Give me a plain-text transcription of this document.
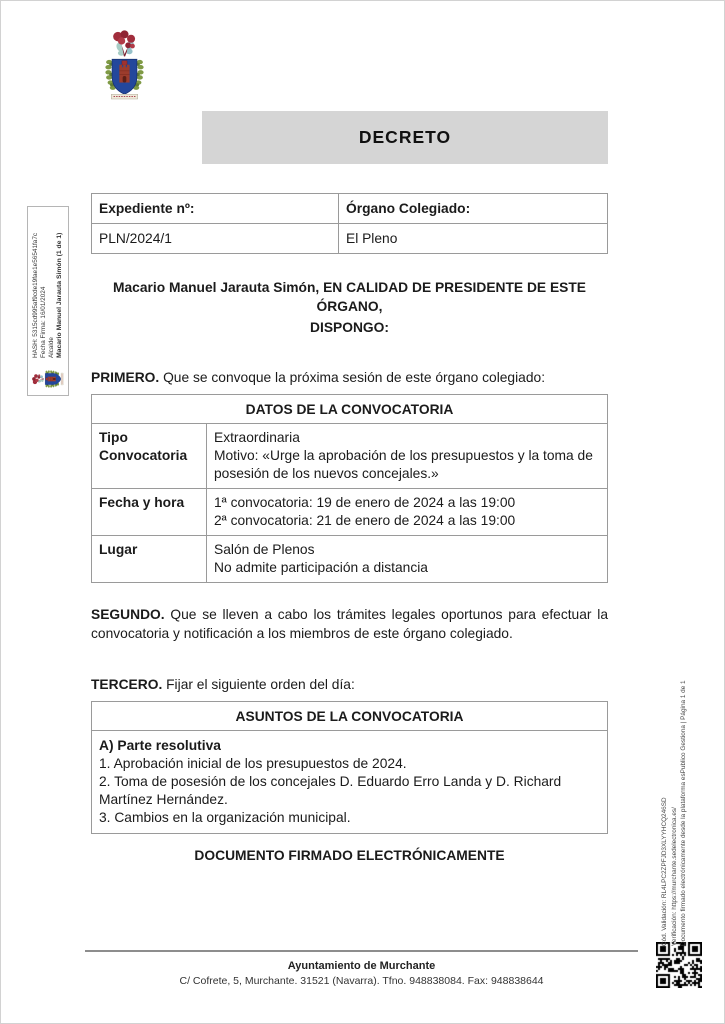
DECRETO
Expediente nº:	Órgano Colegiado:
PLN/2024/1	El Pleno
Macario Manuel Jarauta Simón, EN CALIDAD DE PRESIDENTE DE ESTE ÓRGANO,
DISPONGO:
PRIMERO. Que se convoque la próxima sesión de este órgano colegiado:
DATOS DE LA CONVOCATORIA	
Tipo Convocatoria	Extraordinaria
Motivo: «Urge la aprobación de los presupuestos y la toma de posesión de los nuevos concejales.»

Fecha y hora	1ª convocatoria: 19 de enero de 2024 a las 19:00
2ª convocatoria: 21 de enero de 2024 a las 19:00

Lugar	Salón de Plenos
No admite participación a distancia
SEGUNDO. Que se lleven a cabo los trámites legales oportunos para efectuar la convocatoria y notificación a los miembros de este órgano colegiado.
TERCERO. Fijar el siguiente orden del día:
ASUNTOS DE LA CONVOCATORIA

A) Parte resolutiva
1. Aprobación inicial de los presupuestos de 2024.
2. Toma de posesión de los concejales D. Eduardo Erro Landa y D. Richard Martínez Hernández.
3. Cambios en la organización municipal.
DOCUMENTO FIRMADO ELECTRÓNICAMENTE
Ayuntamiento de Murchante
C/ Cofrete, 5, Murchante. 31521 (Navarra). Tfno. 948838084. Fax: 948838644
HASH: 5315cd995af9cde19fae1e56541fa7c Fecha Firma: 16/01/2024 Alcalde Macario Manuel Jarauta Simón (1 de 1)
Cód. Validación: RL4LPC2ZPFJD3XLYYHCQ246SD Verificación: https://murchante.sedelectronica.es/ Documento firmado electrónicamente desde la plataforma esPublico Gestiona | Página 1 de 1
